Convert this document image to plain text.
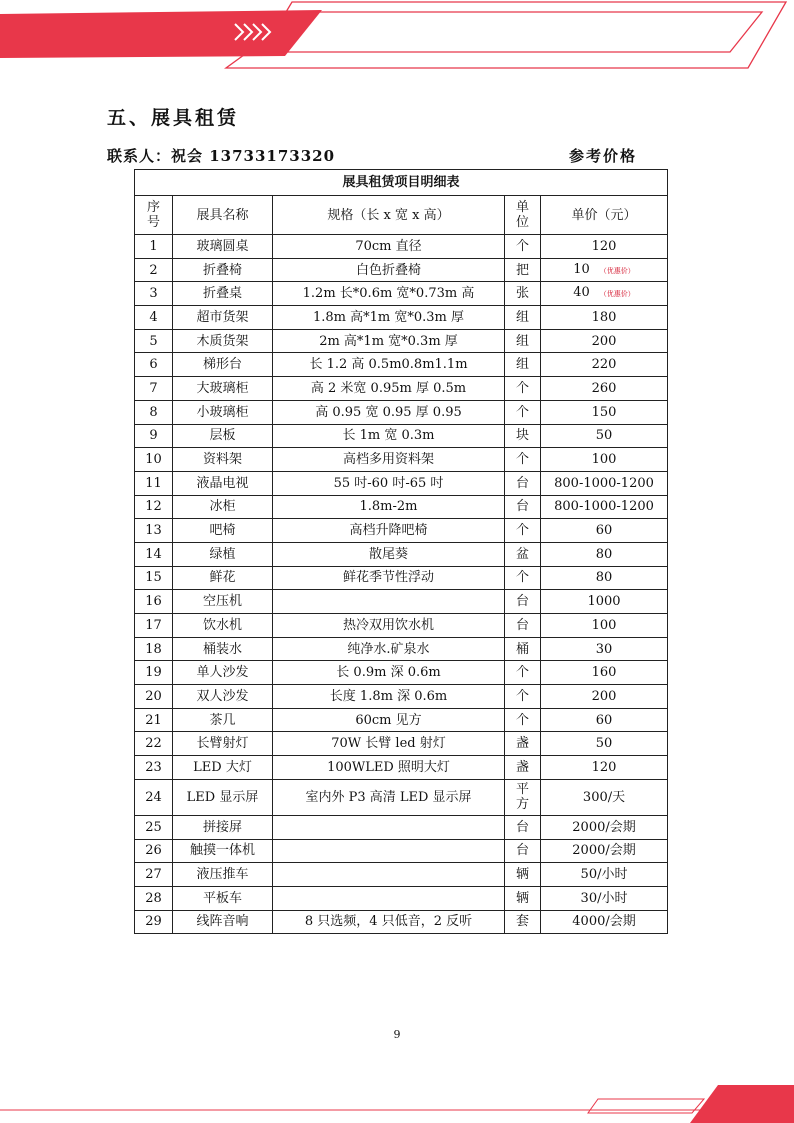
五、展具租赁
联系人：祝会 13733173320	参考价格
展具租赁项目明细表				
序号	展具名称	规格（长 x 宽 x 高）	单位	单价（元）
1	玻璃圆桌	70cm 直径	个	120
2	折叠椅	白色折叠椅	把	10 （优惠价）
3	折叠桌	1.2m 长*0.6m 宽*0.73m 高	张	40 （优惠价）
4	超市货架	1.8m 高*1m 宽*0.3m 厚	组	180
5	木质货架	2m 高*1m 宽*0.3m 厚	组	200
6	梯形台	长 1.2 高 0.5m0.8m1.1m	组	220
7	大玻璃柜	高 2 米宽 0.95m 厚 0.5m	个	260
8	小玻璃柜	高 0.95 宽 0.95 厚 0.95	个	150
9	层板	长 1m 宽 0.3m	块	50
10	资料架	高档多用资料架	个	100
11	液晶电视	55 吋-60 吋-65 吋	台	800-1000-1200
12	冰柜	1.8m-2m	台	800-1000-1200
13	吧椅	高档升降吧椅	个	60
14	绿植	散尾葵	盆	80
15	鲜花	鲜花季节性浮动	个	80
16	空压机		台	1000
17	饮水机	热冷双用饮水机	台	100
18	桶装水	纯净水.矿泉水	桶	30
19	单人沙发	长 0.9m 深 0.6m	个	160
20	双人沙发	长度 1.8m 深 0.6m	个	200
21	茶几	60cm 见方	个	60
22	长臂射灯	70W 长臂 led 射灯	盏	50
23	LED 大灯	100WLED 照明大灯	盏	120
24	LED 显示屏	室内外 P3 高清 LED 显示屏	平方	300/天
25	拼接屏		台	2000/会期
26	触摸一体机		台	2000/会期
27	液压推车		辆	50/小时
28	平板车		辆	30/小时
29	线阵音响	8 只选频，4 只低音，2 反听	套	4000/会期
9
